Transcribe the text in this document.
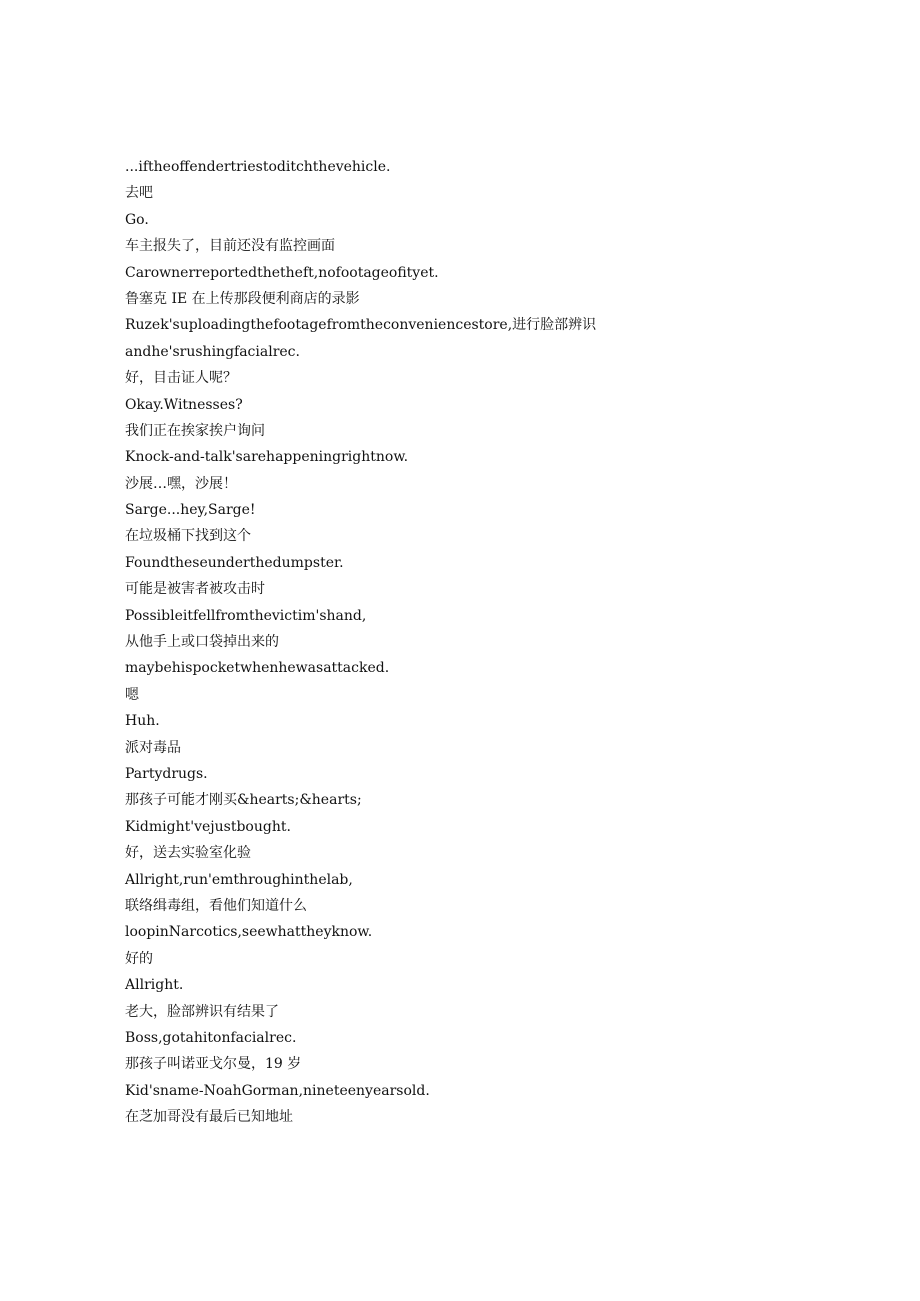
...iftheoffendertriestoditchthevehicle.
去吧
Go.
车主报失了，目前还没有监控画面
Carownerreportedthetheft,nofootageofityet.
鲁塞克 IE 在上传那段便利商店的录影
Ruzek'suploadingthefootagefromtheconveniencestore,进行脸部辨识
andhe'srushingfacialrec.
好，目击证人呢？
Okay.Witnesses?
我们正在挨家挨户询问
Knock-and-talk'sarehappeningrightnow.
沙展…嘿，沙展！
Sarge...hey,Sarge!
在垃圾桶下找到这个
Foundtheseunderthedumpster.
可能是被害者被攻击时
Possibleitfellfromthevictim'shand,
从他手上或口袋掉出来的
maybehispocketwhenhewasattacked.
嗯
Huh.
派对毒品
Partydrugs.
那孩子可能才刚买&hearts;&hearts;
Kidmight'vejustbought.
好，送去实验室化验
Allright,run'emthroughinthelab,
联络缉毒组，看他们知道什么
loopinNarcotics,seewhattheyknow.
好的
Allright.
老大，脸部辨识有结果了
Boss,gotahitonfacialrec.
那孩子叫诺亚戈尔曼，19 岁
Kid'sname-NoahGorman,nineteenyearsold.
在芝加哥没有最后已知地址
